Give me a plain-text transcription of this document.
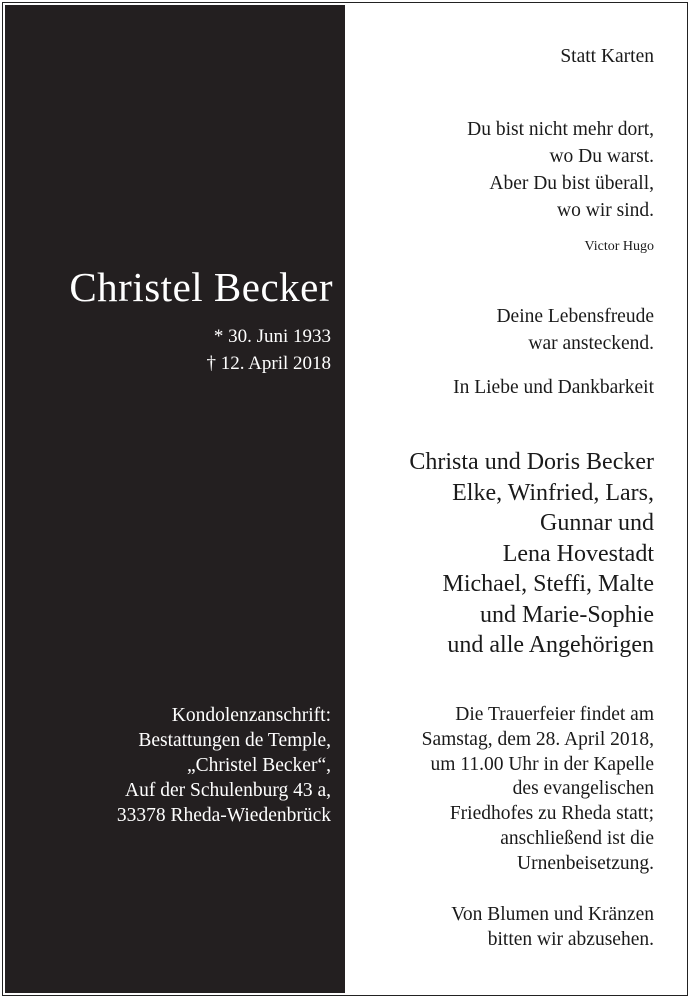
Christel Becker
* 30. Juni 1933
† 12. April 2018
Kondolenzanschrift:
Bestattungen de Temple,
„Christel Becker“,
Auf der Schulenburg 43 a,
33378 Rheda-Wiedenbrück
Statt Karten
Du bist nicht mehr dort,
wo Du warst.
Aber Du bist überall,
wo wir sind.
Victor Hugo
Deine Lebensfreude
war ansteckend.
In Liebe und Dankbarkeit
Christa und Doris Becker
Elke, Winfried, Lars,
Gunnar und
Lena Hovestadt
Michael, Steffi, Malte
und Marie-Sophie
und alle Angehörigen
Die Trauerfeier findet am
Samstag, dem 28. April 2018,
um 11.00 Uhr in der Kapelle
des evangelischen
Friedhofes zu Rheda statt;
anschließend ist die
Urnenbeisetzung.
Von Blumen und Kränzen
bitten wir abzusehen.
